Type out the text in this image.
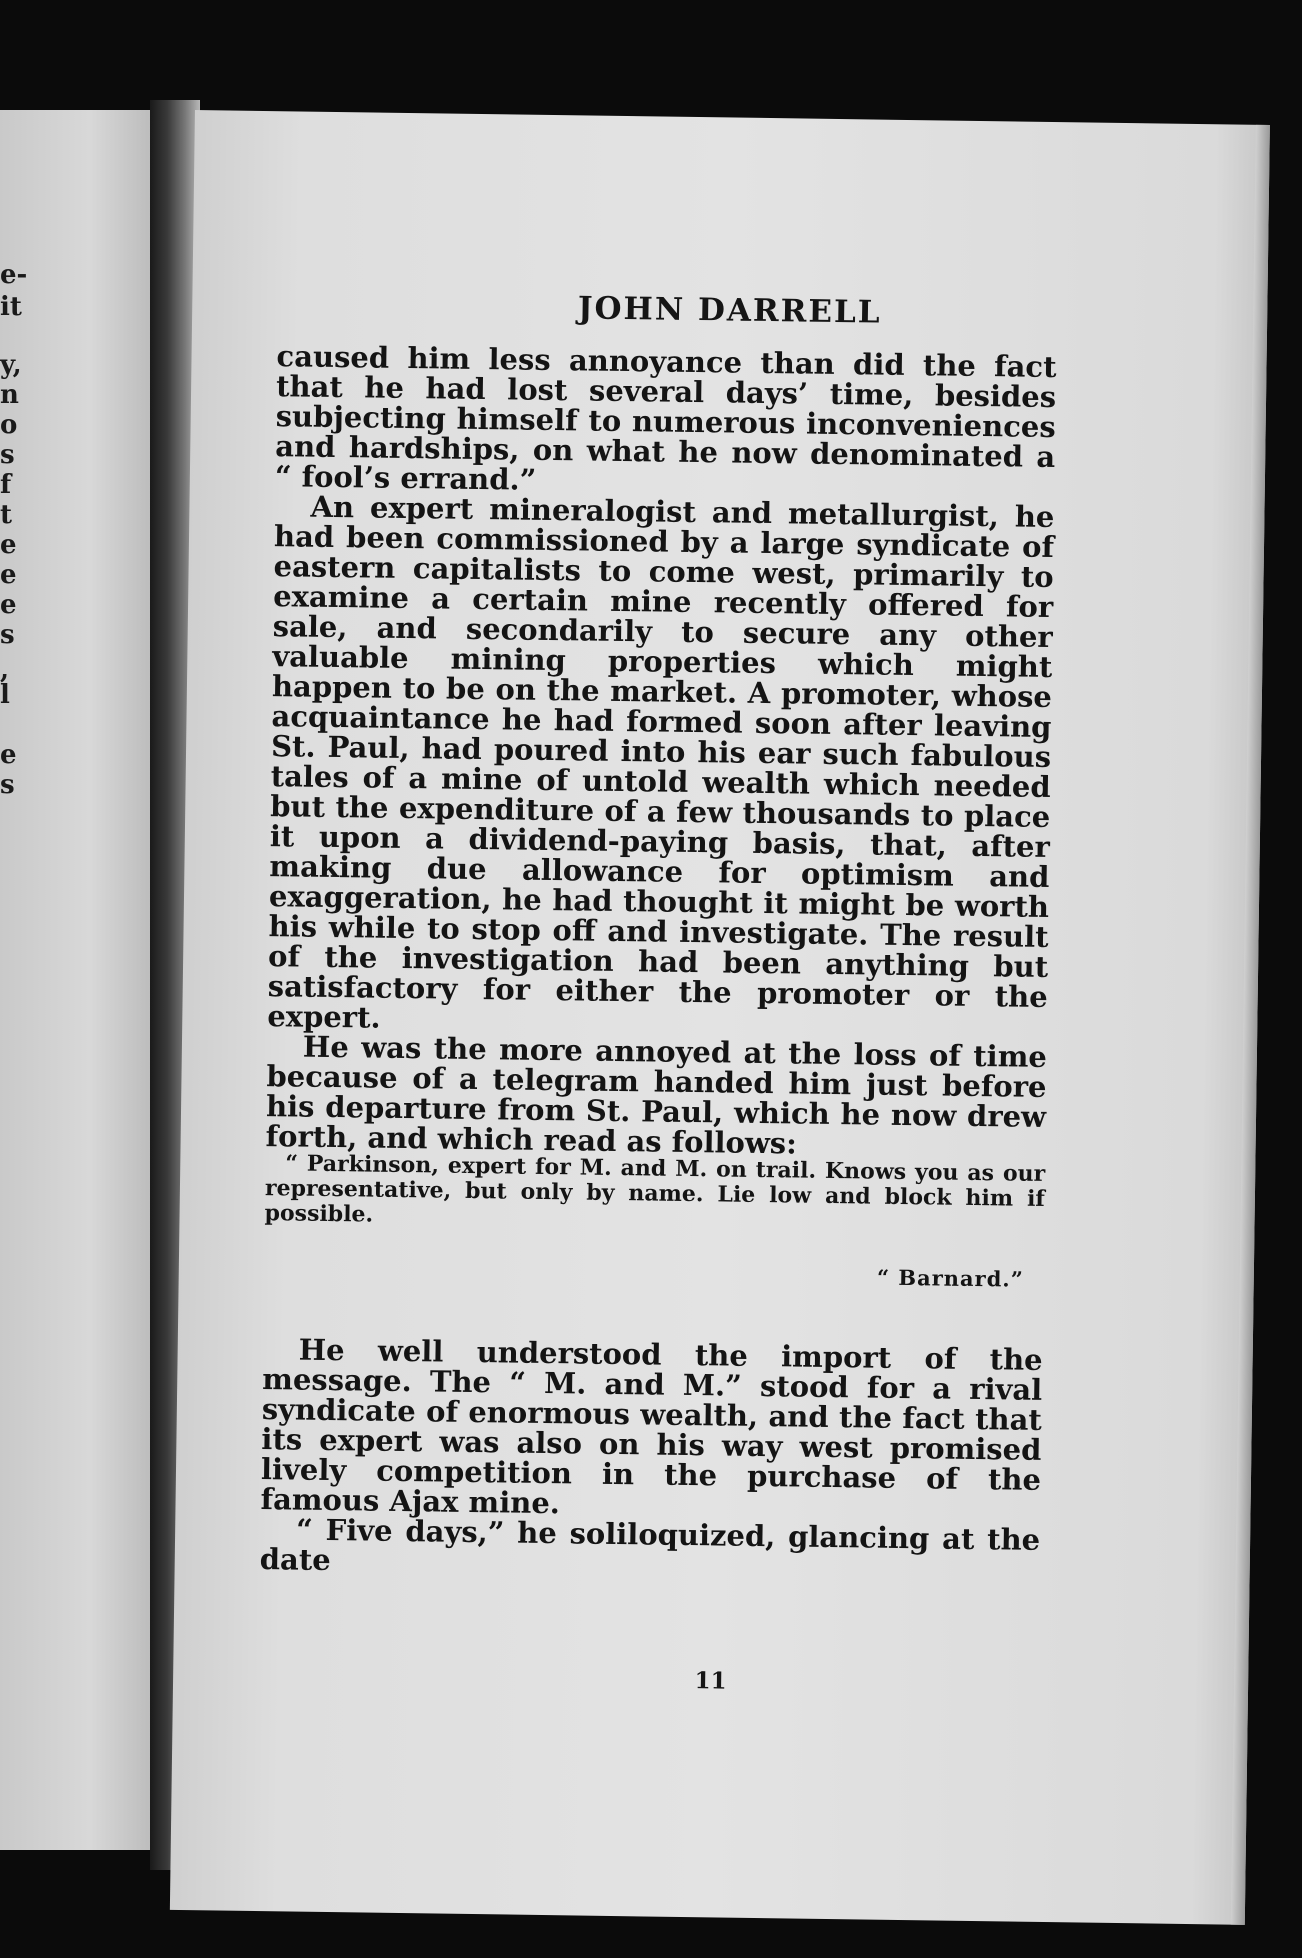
e-
it
y,
n
o
s
f
t
e
e
e
s
,
l
e
s
JOHN DARRELL

caused him less annoyance than did the fact that he had lost several days’ time, besides subjecting himself to numerous inconveniences and hardships, on what he now denominated a “ fool’s errand.”

An expert mineralogist and metallurgist, he had been commissioned by a large syndicate of eastern capitalists to come west, primarily to examine a certain mine recently offered for sale, and secondarily to secure any other valuable mining properties which might happen to be on the market. A promoter, whose acquaintance he had formed soon after leaving St. Paul, had poured into his ear such fabulous tales of a mine of untold wealth which needed but the expenditure of a few thousands to place it upon a dividend-paying basis, that, after making due allowance for optimism and exaggeration, he had thought it might be worth his while to stop off and investigate. The result of the investigation had been anything but satisfactory for either the promoter or the expert.

He was the more annoyed at the loss of time because of a telegram handed him just before his departure from St. Paul, which he now drew forth, and which read as follows:

“ Parkinson, expert for M. and M. on trail. Knows you as our representative, but only by name. Lie low and block him if possible.

“ Barnard.”

He well understood the import of the message. The “ M. and M.” stood for a rival syndicate of enormous wealth, and the fact that its expert was also on his way west promised lively competition in the purchase of the famous Ajax mine.

“ Five days,” he soliloquized, glancing at the date

11
